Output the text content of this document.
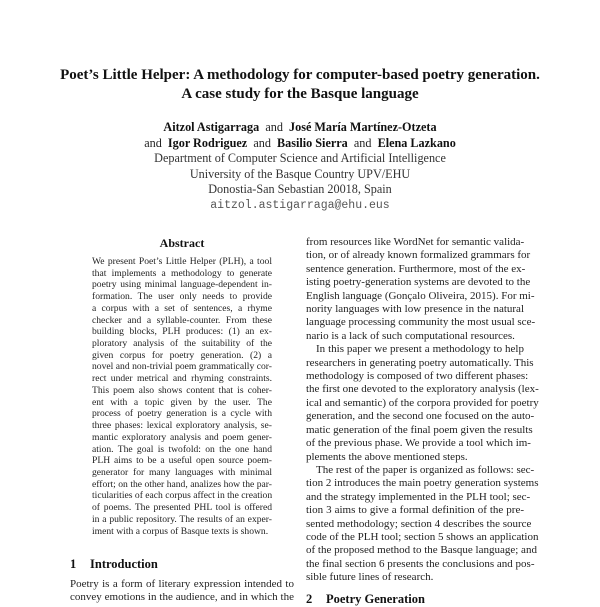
Poet’s Little Helper: A methodology for computer-based poetry generation.
A case study for the Basque language
Aitzol Astigarraga and José María Martínez-Otzeta
and Igor Rodriguez and Basilio Sierra and Elena Lazkano
Department of Computer Science and Artificial Intelligence
University of the Basque Country UPV/EHU
Donostia-San Sebastian 20018, Spain
aitzol.astigarraga@ehu.eus
Abstract
We present Poet’s Little Helper (PLH), a tool
that implements a methodology to generate
poetry using minimal language-dependent in-
formation. The user only needs to provide
a corpus with a set of sentences, a rhyme
checker and a syllable-counter. From these
building blocks, PLH produces: (1) an ex-
ploratory analysis of the suitability of the
given corpus for poetry generation. (2) a
novel and non-trivial poem grammatically cor-
rect under metrical and rhyming constraints.
This poem also shows content that is coher-
ent with a topic given by the user. The
process of poetry generation is a cycle with
three phases: lexical exploratory analysis, se-
mantic exploratory analysis and poem gener-
ation. The goal is twofold: on the one hand
PLH aims to be a useful open source poem-
generator for many languages with minimal
effort; on the other hand, analizes how the par-
ticularities of each corpus affect in the creation
of poems. The presented PHL tool is offered
in a public repository. The results of an exper-
iment with a corpus of Basque texts is shown.
1 Introduction
Poetry is a form of literary expression intended to
convey emotions in the audience, and in which the
from resources like WordNet for semantic valida-
tion, or of already known formalized grammars for
sentence generation. Furthermore, most of the ex-
isting poetry-generation systems are devoted to the
English language (Gonçalo Oliveira, 2015). For mi-
nority languages with low presence in the natural
language processing community the most usual sce-
nario is a lack of such computational resources.
In this paper we present a methodology to help
researchers in generating poetry automatically. This
methodology is composed of two different phases:
the first one devoted to the exploratory analysis (lex-
ical and semantic) of the corpora provided for poetry
generation, and the second one focused on the auto-
matic generation of the final poem given the results
of the previous phase. We provide a tool which im-
plements the above mentioned steps.
The rest of the paper is organized as follows: sec-
tion 2 introduces the main poetry generation systems
and the strategy implemented in the PLH tool; sec-
tion 3 aims to give a formal definition of the pre-
sented methodology; section 4 describes the source
code of the PLH tool; section 5 shows an application
of the proposed method to the Basque language; and
the final section 6 presents the conclusions and pos-
sible future lines of research.
2 Poetry Generation
